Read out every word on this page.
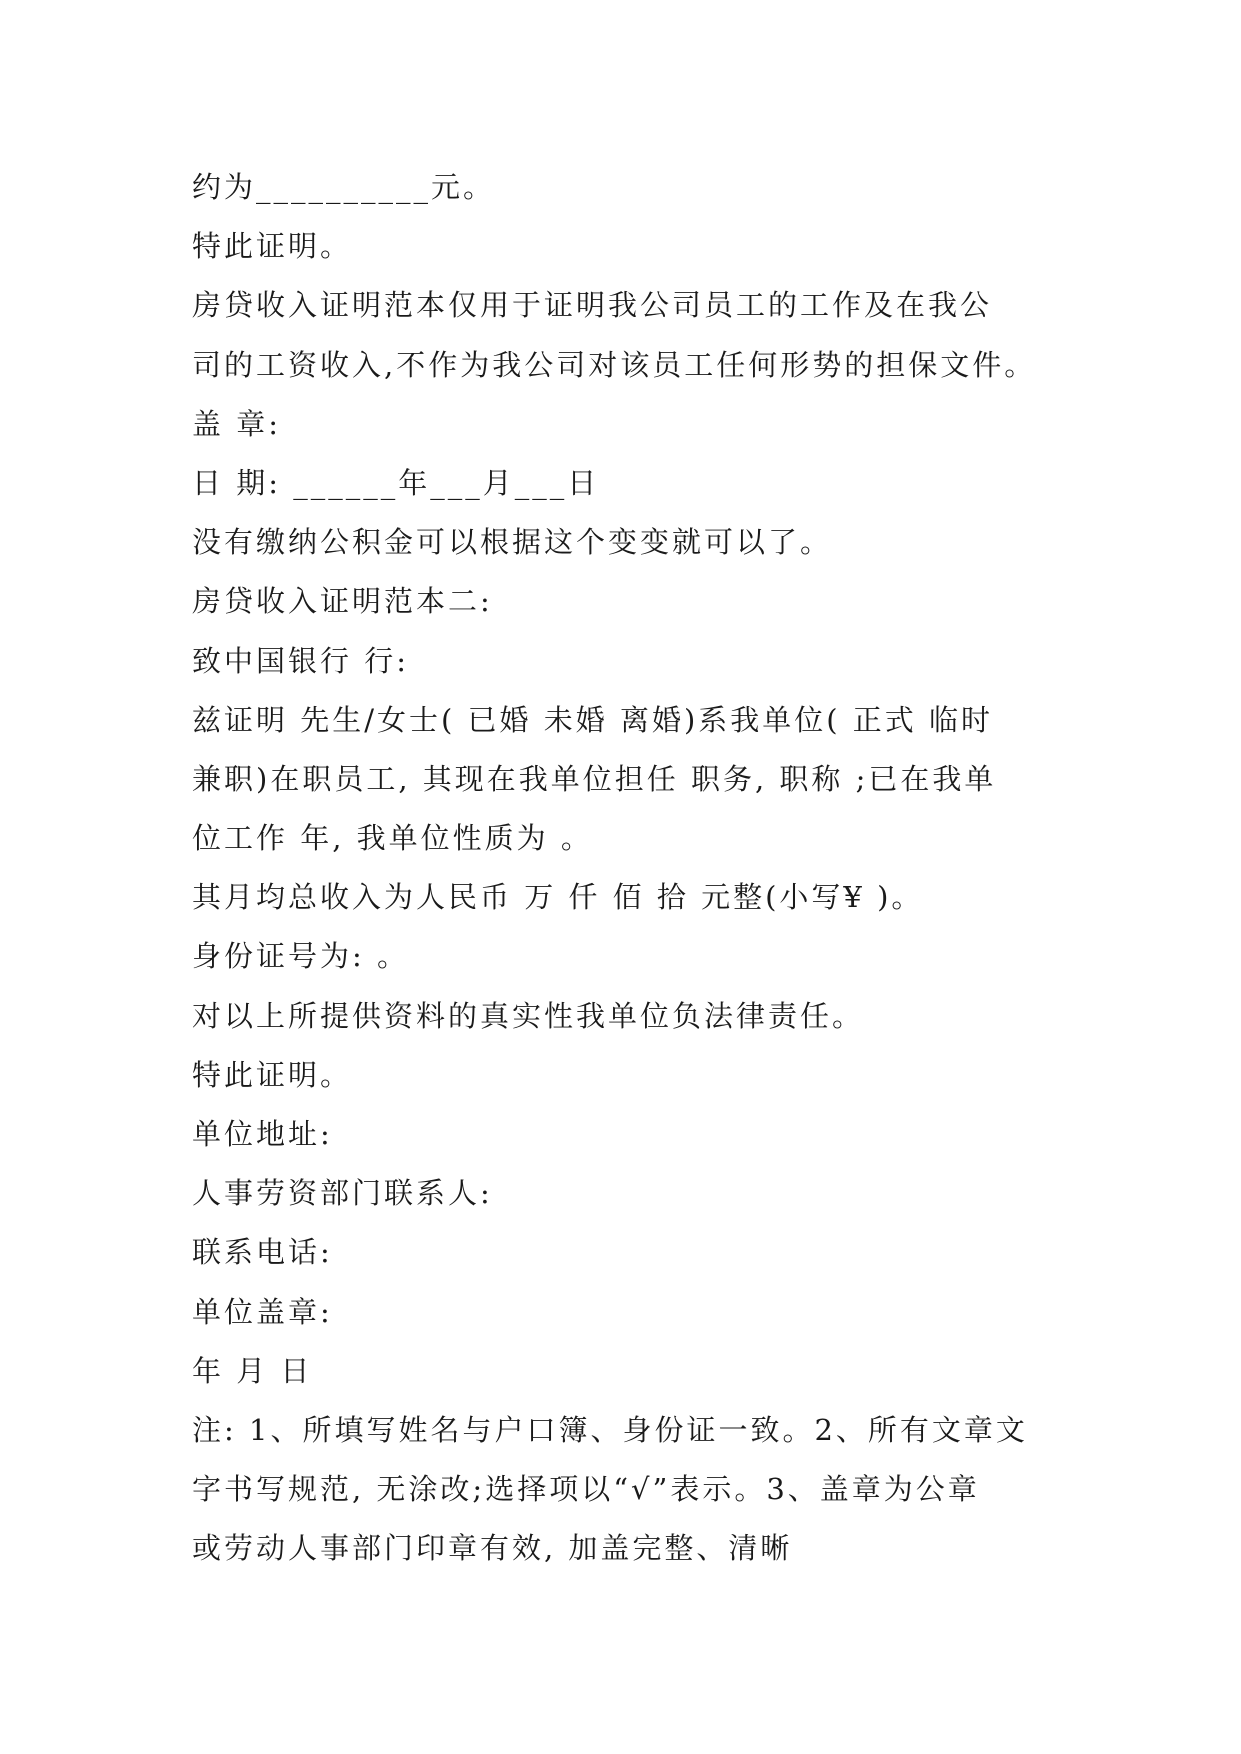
约为__________元。
特此证明。
房贷收入证明范本仅用于证明我公司员工的工作及在我公
司的工资收入,不作为我公司对该员工任何形势的担保文件。
盖 章:
日 期: ______年___月___日
没有缴纳公积金可以根据这个变变就可以了。
房贷收入证明范本二:
致中国银行 行:
兹证明 先生/女士( 已婚 未婚 离婚)系我单位( 正式 临时
兼职)在职员工, 其现在我单位担任 职务, 职称 ;已在我单
位工作 年, 我单位性质为 。
其月均总收入为人民币 万 仟 佰 拾 元整(小写¥ )。
身份证号为: 。
对以上所提供资料的真实性我单位负法律责任。
特此证明。
单位地址:
人事劳资部门联系人:
联系电话:
单位盖章:
年 月 日
注: 1、所填写姓名与户口簿、身份证一致。2、所有文章文
字书写规范, 无涂改;选择项以“√”表示。3、盖章为公章
或劳动人事部门印章有效, 加盖完整、清晰
